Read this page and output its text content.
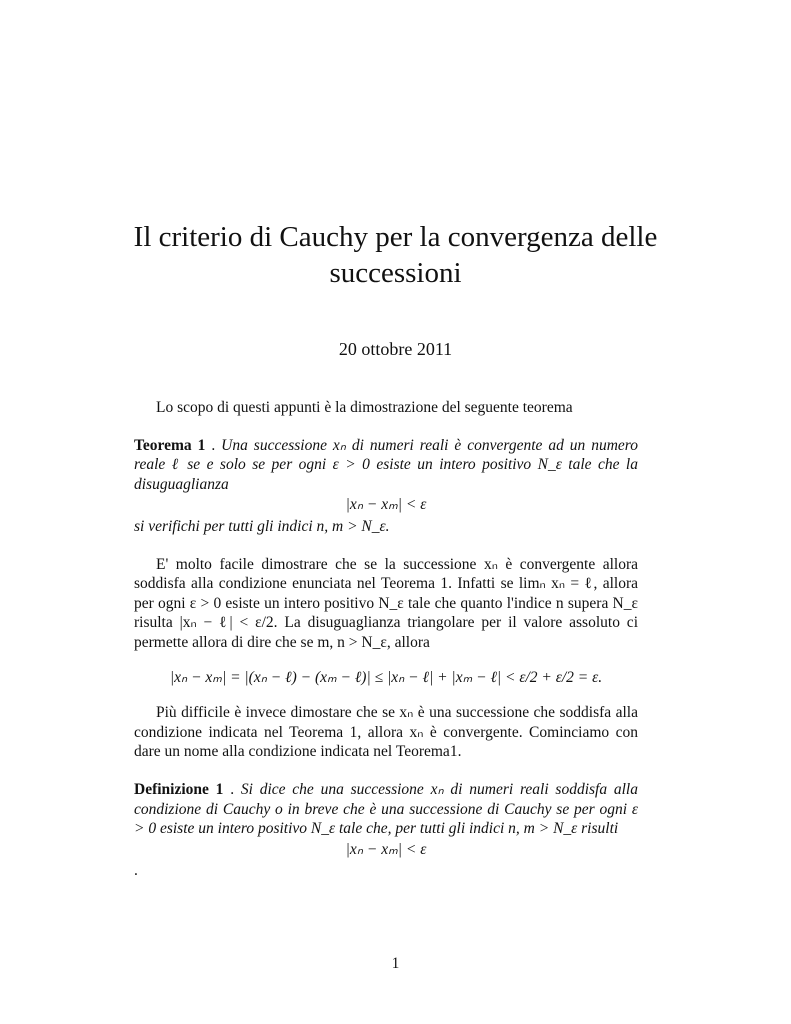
Il criterio di Cauchy per la convergenza delle successioni
20 ottobre 2011

Lo scopo di questi appunti è la dimostrazione del seguente teorema

Teorema 1 . Una successione xₙ di numeri reali è convergente ad un numero reale ℓ se e solo se per ogni ε > 0 esiste un intero positivo N_ε tale che la disuguaglianza

|xₙ − xₘ| < ε

si verifichi per tutti gli indici n, m > N_ε.

E' molto facile dimostrare che se la successione xₙ è convergente allora soddisfa alla condizione enunciata nel Teorema 1. Infatti se limₙ xₙ = ℓ, allora per ogni ε > 0 esiste un intero positivo N_ε tale che quanto l'indice n supera N_ε risulta |xₙ − ℓ| < ε/2. La disuguaglianza triangolare per il valore assoluto ci permette allora di dire che se m, n > N_ε, allora

|xₙ − xₘ| = |(xₙ − ℓ) − (xₘ − ℓ)| ≤ |xₙ − ℓ| + |xₘ − ℓ| < ε/2 + ε/2 = ε.

Più difficile è invece dimostare che se xₙ è una successione che soddisfa alla condizione indicata nel Teorema 1, allora xₙ è convergente. Cominciamo con dare un nome alla condizione indicata nel Teorema1.

Definizione 1 . Si dice che una successione xₙ di numeri reali soddisfa alla condizione di Cauchy o in breve che è una successione di Cauchy se per ogni ε > 0 esiste un intero positivo N_ε tale che, per tutti gli indici n, m > N_ε risulti

|xₙ − xₘ| < ε

.

1
